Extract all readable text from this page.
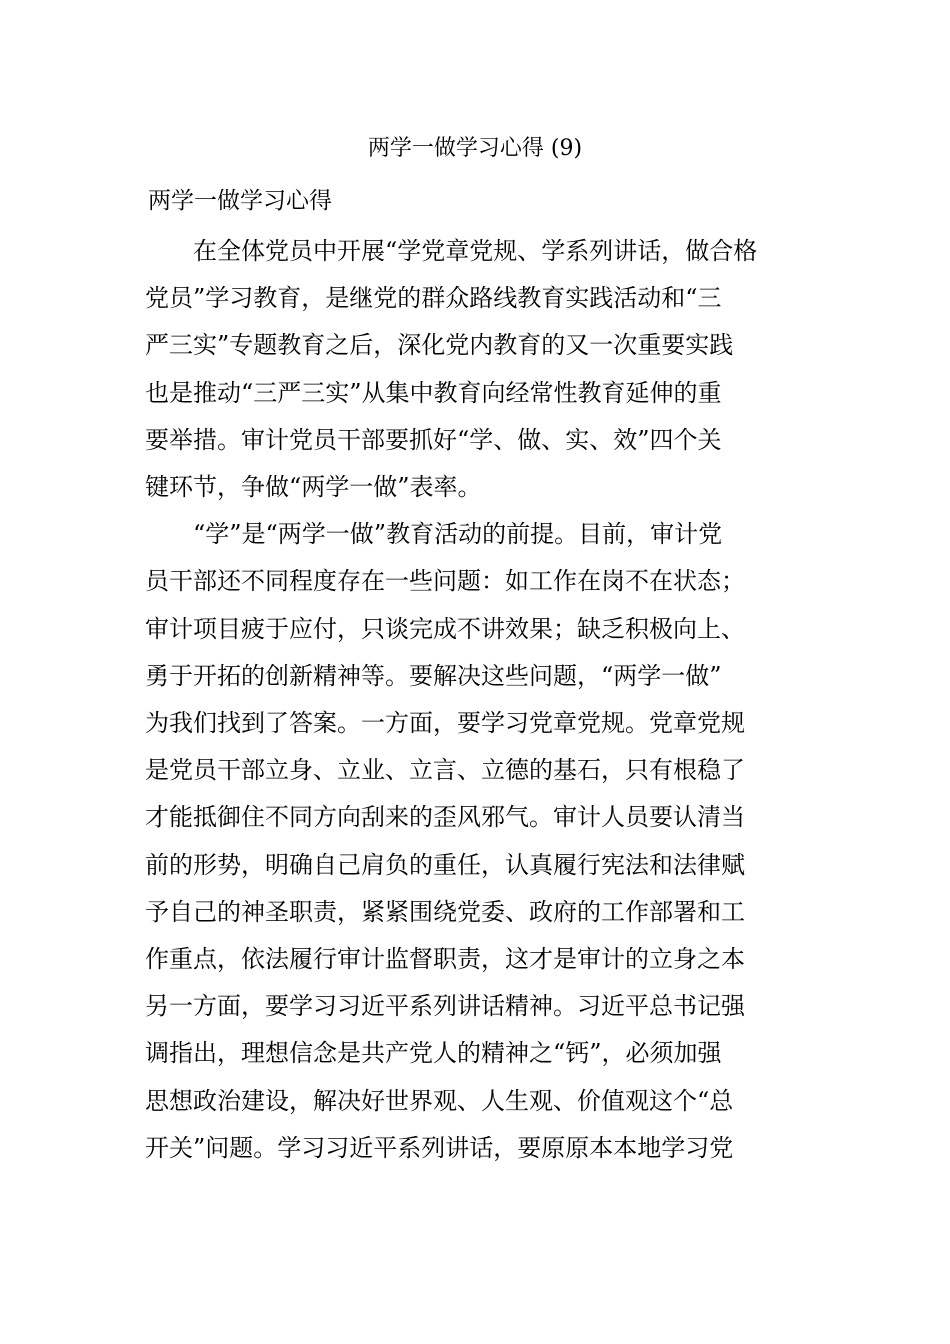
两学一做学习心得 (9)
两学一做学习心得
在全体党员中开展“学党章党规、学系列讲话，做合格
党员”学习教育，是继党的群众路线教育实践活动和“三
严三实”专题教育之后，深化党内教育的又一次重要实践
也是推动“三严三实”从集中教育向经常性教育延伸的重
要举措。审计党员干部要抓好“学、做、实、效”四个关
键环节，争做“两学一做”表率。
“学”是“两学一做”教育活动的前提。目前，审计党
员干部还不同程度存在一些问题：如工作在岗不在状态；
审计项目疲于应付，只谈完成不讲效果；缺乏积极向上、
勇于开拓的创新精神等。要解决这些问题，“两学一做”
为我们找到了答案。一方面，要学习党章党规。党章党规
是党员干部立身、立业、立言、立德的基石，只有根稳了
才能抵御住不同方向刮来的歪风邪气。审计人员要认清当
前的形势，明确自己肩负的重任，认真履行宪法和法律赋
予自己的神圣职责，紧紧围绕党委、政府的工作部署和工
作重点，依法履行审计监督职责，这才是审计的立身之本
另一方面，要学习习近平系列讲话精神。习近平总书记强
调指出，理想信念是共产党人的精神之“钙”，必须加强
思想政治建设，解决好世界观、人生观、价值观这个“总
开关”问题。学习习近平系列讲话，要原原本本地学习党
